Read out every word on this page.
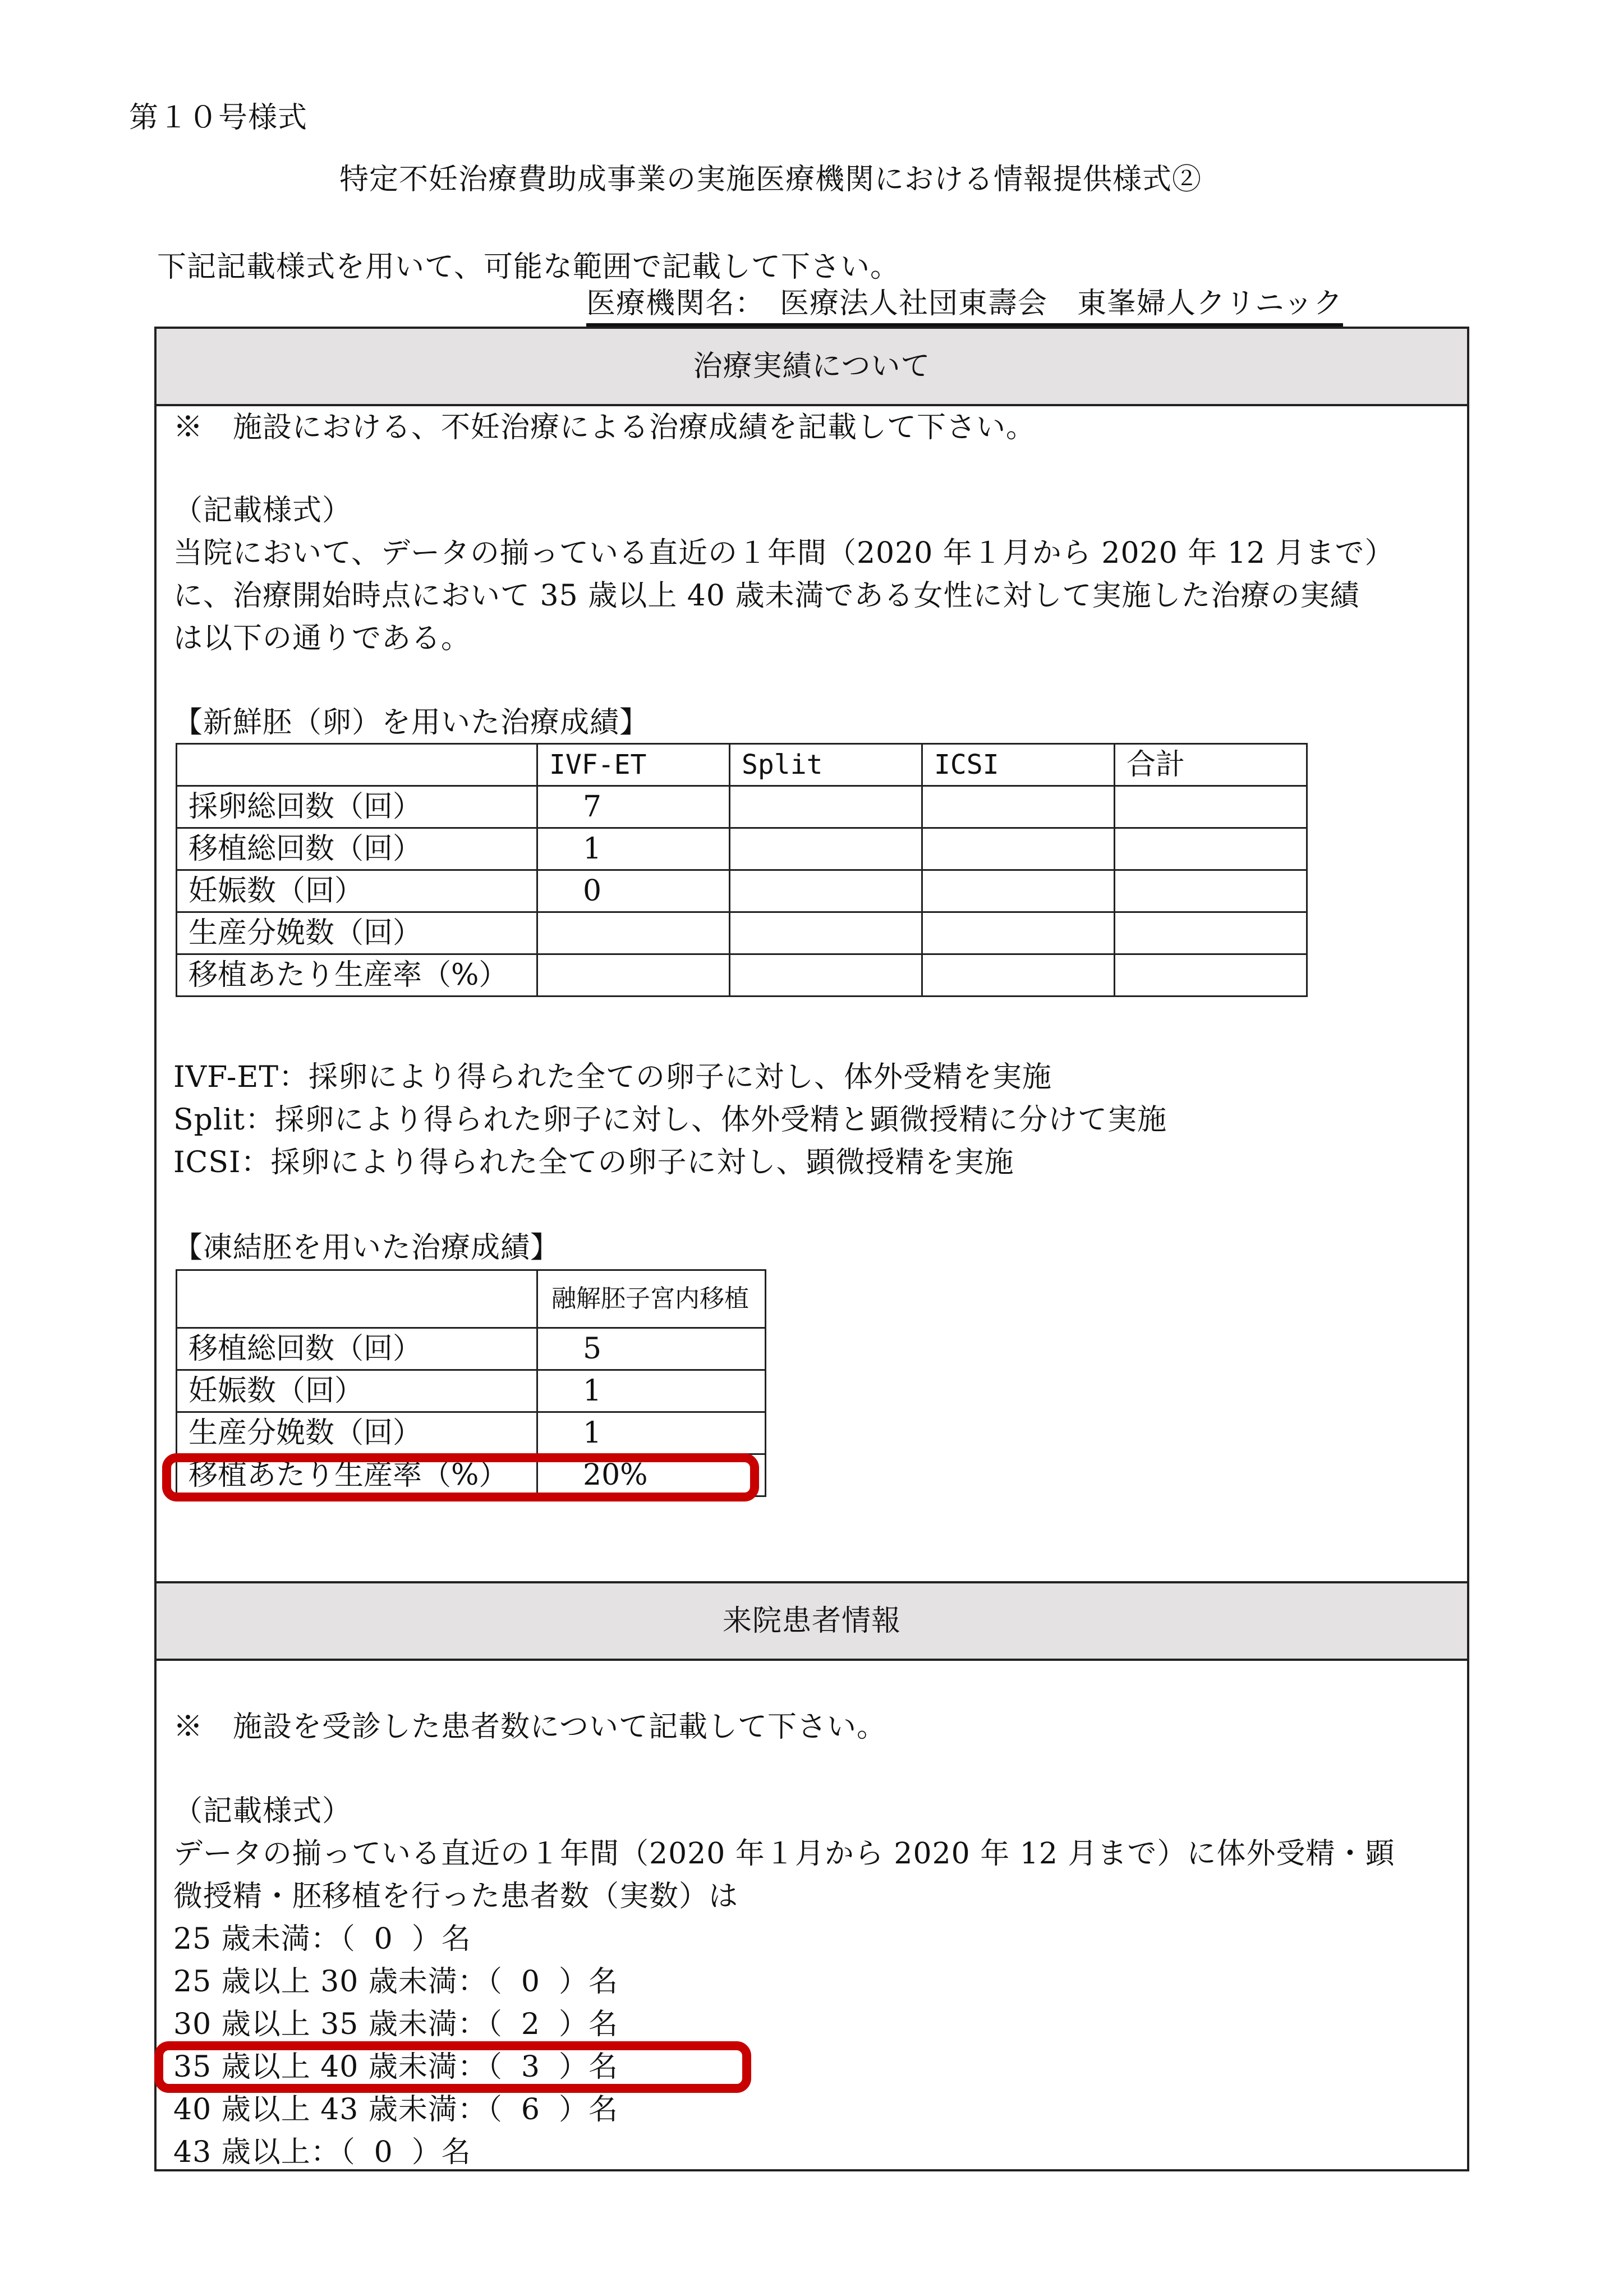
第１０号様式
特定不妊治療費助成事業の実施医療機関における情報提供様式②
下記記載様式を用いて、可能な範囲で記載して下さい。
医療機関名：　 医療法人社団東壽会　東峯婦人クリニック
治療実績について
※　施設における、不妊治療による治療成績を記載して下さい。
（記載様式）
当院において、データの揃っている直近の１年間（2020 年１月から 2020 年 12 月まで）
に、治療開始時点において 35 歳以上 40 歳未満である女性に対して実施した治療の実績
は以下の通りである。
【新鮮胚（卵）を用いた治療成績】
	IVF-ET	Split	ICSI	合計
採卵総回数（回）	7			
移植総回数（回）	1			
妊娠数（回）	0			
生産分娩数（回）				
移植あたり生産率（%）				
IVF-ET：採卵により得られた全ての卵子に対し、体外受精を実施
Split：採卵により得られた卵子に対し、体外受精と顕微授精に分けて実施
ICSI：採卵により得られた全ての卵子に対し、顕微授精を実施
【凍結胚を用いた治療成績】
	融解胚子宮内移植
移植総回数（回）	5
妊娠数（回）	1
生産分娩数（回）	1
移植あたり生産率（%）	20%
来院患者情報
※　施設を受診した患者数について記載して下さい。
（記載様式）
データの揃っている直近の１年間（2020 年１月から 2020 年 12 月まで）に体外受精・顕
微授精・胚移植を行った患者数（実数）は
25 歳未満：（ 0 ）名
25 歳以上 30 歳未満：（ 0 ）名
30 歳以上 35 歳未満：（ 2 ）名
35 歳以上 40 歳未満：（ 3 ）名
40 歳以上 43 歳未満：（ 6 ）名
43 歳以上：（ 0 ）名
